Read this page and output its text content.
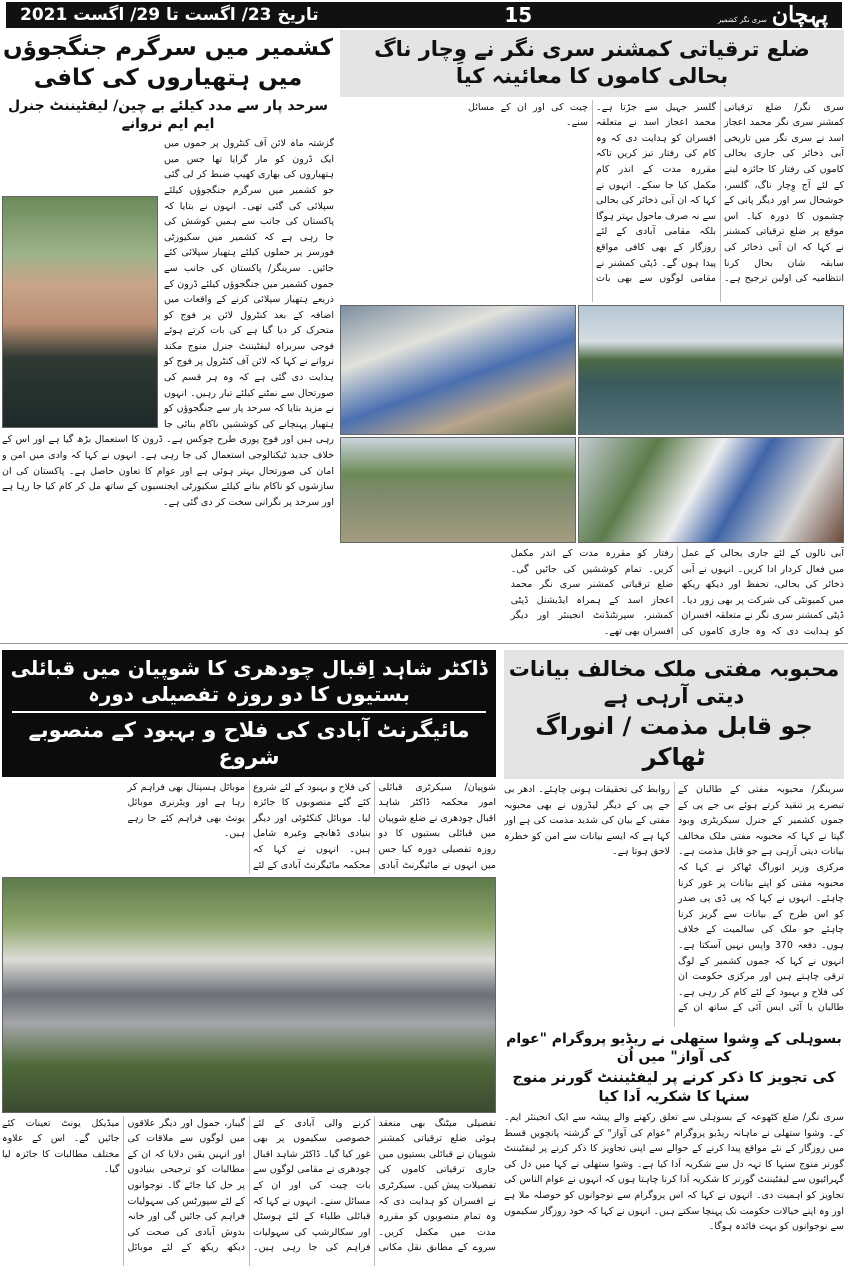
پہچان سری نگر کشمیر
15
تاریخ 23/ اگست تا 29/ اگست 2021
کشمیر میں سرگرم جنگجوؤں میں ہتھیاروں کی کافی
سرحد پار سے مدد کیلئے بے چین/ لیفٹیننٹ جنرل ایم ایم نروانے
گزشتہ ماہ لائن آف کنٹرول پر جموں میں ایک ڈرون کو مار گرایا تھا جس میں ہتھیاروں کی بھاری کھیپ ضبط کر لی گئی جو کشمیر میں سرگرم جنگجوؤں کیلئے سپلائی کی گئی تھی۔ انہوں نے بتایا کہ پاکستان کی جانب سے ہمیں کوشش کی جا رہی ہے کہ کشمیر میں سکیورٹی فورسز پر حملوں کیلئے ہتھیار سپلائی کئے جائیں۔ سرینگر/ پاکستان کی جانب سے جموں کشمیر میں جنگجوؤں کیلئے ڈرون کے ذریعے ہتھیار سپلائی کرنے کے واقعات میں اضافہ کے بعد کنٹرول لائن پر فوج کو متحرک کر دیا گیا ہے کی بات کرتے ہوئے فوجی سربراہ لیفٹیننٹ جنرل منوج مکند نروانے نے کہا کہ لائن آف کنٹرول پر فوج کو ہدایت دی گئی ہے کہ وہ ہر قسم کی صورتحال سے نمٹنے کیلئے تیار رہیں۔ انہوں نے مزید بتایا کہ سرحد پار سے جنگجوؤں کو ہتھیار پہنچانے کی کوششیں ناکام بنائی جا رہی ہیں اور فوج پوری طرح چوکس ہے۔ ڈرون کا استعمال بڑھ گیا ہے اور اس کے خلاف جدید ٹیکنالوجی استعمال کی جا رہی ہے۔ انہوں نے کہا کہ وادی میں امن و امان کی صورتحال بہتر ہوئی ہے اور عوام کا تعاون حاصل ہے۔ پاکستان کی ان سازشوں کو ناکام بنانے کیلئے سکیورٹی ایجنسیوں کے ساتھ مل کر کام کیا جا رہا ہے اور سرحد پر نگرانی سخت کر دی گئی ہے۔
ضلع ترقیاتی کمشنر سری نگر نے وِچار ناگ بحالی کاموں کا معائینہ کیا
سری نگر/ ضلع ترقیاتی کمشنر سری نگر محمد اعجاز اسد نے سری نگر میں تاریخی آبی ذخائر کی جاری بحالی کاموں کی رفتار کا جائزہ لینے کے لئے آج وِچار ناگ، گلسر، خوشحال سر اور دیگر پانی کے چشموں کا دورہ کیا۔ اس موقع پر ضلع ترقیاتی کمشنر نے کہا کہ ان آبی ذخائر کی سابقہ شان بحال کرنا انتظامیہ کی اولین ترجیح ہے۔ گلسر جہیل سے جڑتا ہے۔ محمد اعجاز اسد نے متعلقہ افسران کو ہدایت دی کہ وہ کام کی رفتار تیز کریں تاکہ مقررہ مدت کے اندر کام مکمل کیا جا سکے۔ انہوں نے کہا کہ ان آبی ذخائر کی بحالی سے نہ صرف ماحول بہتر ہوگا بلکہ مقامی آبادی کے لئے روزگار کے بھی کافی مواقع پیدا ہوں گے۔ ڈپٹی کمشنر نے مقامی لوگوں سے بھی بات چیت کی اور ان کے مسائل سنے۔
آبی نالوں کے لئے جاری بحالی کے عمل میں فعال کردار ادا کریں۔ انہوں نے آبی ذخائر کی بحالی، تحفظ اور دیکھ ریکھ میں کمیونٹی کی شرکت پر بھی زور دیا۔ ڈپٹی کمشنر سری نگر نے متعلقہ افسران کو ہدایت دی کہ وہ جاری کاموں کی رفتار کو مقررہ مدت کے اندر مکمل کریں۔ تمام کوششیں کی جائیں گی۔ ضلع ترقیاتی کمشنر سری نگر محمد اعجاز اسد کے ہمراہ ایڈیشنل ڈپٹی کمشنر، سپرنٹنڈنٹ انجینئر اور دیگر افسران بھی تھے۔
ڈاکٹر شاہد اِقبال چودھری کا شوپیان میں قبائلی بستیوں کا دو روزہ تفصیلی دورہ
مائیگرنٹ آبادی کی فلاح و بہبود کے منصوبے شروع
شوپیان/ سیکرٹری قبائلی امور محکمہ ڈاکٹر شاہد اقبال چودھری نے ضلع شوپیان میں قبائلی بستیوں کا دو روزہ تفصیلی دورہ کیا جس میں انہوں نے مائیگرنٹ آبادی کی فلاح و بہبود کے لئے شروع کئے گئے منصوبوں کا جائزہ لیا۔ موبائل کنکٹوئی اور دیگر بنیادی ڈھانچے وغیرہ شامل ہیں۔ انہوں نے کہا کہ محکمہ مائیگرنٹ آبادی کے لئے موبائل ہسپتال بھی فراہم کر رہا ہے اور ویٹرنری موبائل یونٹ بھی فراہم کئے جا رہے ہیں۔
تفصیلی میٹنگ بھی منعقد ہوئی ضلع ترقیاتی کمشنر شوپیان نے قبائلی بستیوں میں جاری ترقیاتی کاموں کی تفصیلات پیش کیں۔ سیکرٹری نے افسران کو ہدایت دی کہ وہ تمام منصوبوں کو مقررہ مدت میں مکمل کریں۔ سروے کے مطابق نقل مکانی کرنے والی آبادی کے لئے خصوصی سکیموں پر بھی غور کیا گیا۔ ڈاکٹر شاہد اقبال چودھری نے مقامی لوگوں سے بات چیت کی اور ان کے مسائل سنے۔ انہوں نے کہا کہ قبائلی طلباء کے لئے ہوسٹل اور سکالرشپ کی سہولیات فراہم کی جا رہی ہیں۔ گیبار، جمول اور دیگر علاقوں میں لوگوں سے ملاقات کی اور انہیں یقین دلایا کہ ان کے مطالبات کو ترجیحی بنیادوں پر حل کیا جائے گا۔ نوجوانوں کے لئے سپورٹس کی سہولیات فراہم کی جائیں گی اور خانہ بدوش آبادی کی صحت کی دیکھ ریکھ کے لئے موبائل میڈیکل یونٹ تعینات کئے جائیں گے۔ اس کے علاوہ مختلف مطالبات کا جائزہ لیا گیا۔
محبوبہ مفتی ملک مخالف بیانات دیتی آرہی ہے
جو قابل مذمت / انوراگ ٹھاکر
سرینگر/ محبوبہ مفتی کے طالبان کے تبصرے پر تنقید کرتے ہوئے بی جے پی کے جموں کشمیر کے جنرل سیکریٹری وبود گپتا نے کہا کہ محبوبہ مفتی ملک مخالف بیانات دیتی آرہی ہے جو قابل مذمت ہے۔ مرکزی وزیر انوراگ ٹھاکر نے کہا کہ محبوبہ مفتی کو اپنے بیانات پر غور کرنا چاہئے۔ انہوں نے کہا کہ پی ڈی پی صدر کو اس طرح کے بیانات سے گریز کرنا چاہئے جو ملک کی سالمیت کے خلاف ہوں۔ دفعہ 370 واپس نہیں آسکتا ہے۔ انہوں نے کہا کہ جموں کشمیر کے لوگ ترقی چاہتے ہیں اور مرکزی حکومت ان کی فلاح و بہبود کے لئے کام کر رہی ہے۔ طالبان یا آئی ایس آئی کے ساتھ ان کے روابط کی تحقیقات ہونی چاہئے۔ ادھر بی جے پی کے دیگر لیڈروں نے بھی محبوبہ مفتی کے بیان کی شدید مذمت کی ہے اور کہا ہے کہ ایسے بیانات سے امن کو خطرہ لاحق ہوتا ہے۔
بسوہلی کے وِشوا ستھلی نے ریڈیو پروگرام "عوام کی آواز" میں اُن
کی تجویز کا ذکر کرنے پر لیفٹیننٹ گورنر منوج سنہا کا شکریہ اَدا کیا
سری نگر/ ضلع کٹھوعہ کے بسوہلی سے تعلق رکھنے والے پیشہ سے ایک انجینئر ایم۔ کے۔ وشوا ستھلی نے ماہانہ ریڈیو پروگرام "عوام کی آواز" کے گزشتہ پانچویں قسط میں روزگار کے نئے مواقع پیدا کرنے کے حوالے سے اپنی تجاویز کا ذکر کرنے پر لیفٹیننٹ گورنر منوج سنہا کا تہہ دل سے شکریہ اَدا کیا ہے۔ وشوا ستھلی نے کہا میں دل کی گہرائیوں سے لیفٹیننٹ گورنر کا شکریہ اَدا کرنا چاہتا ہوں کہ انہوں نے عوام الناس کی تجاویز کو اہمیت دی۔ انہوں نے کہا کہ اس پروگرام سے نوجوانوں کو حوصلہ ملا ہے اور وہ اپنے خیالات حکومت تک پہنچا سکتے ہیں۔ انہوں نے کہا کہ خود روزگار سکیموں سے نوجوانوں کو بہت فائدہ ہوگا۔
